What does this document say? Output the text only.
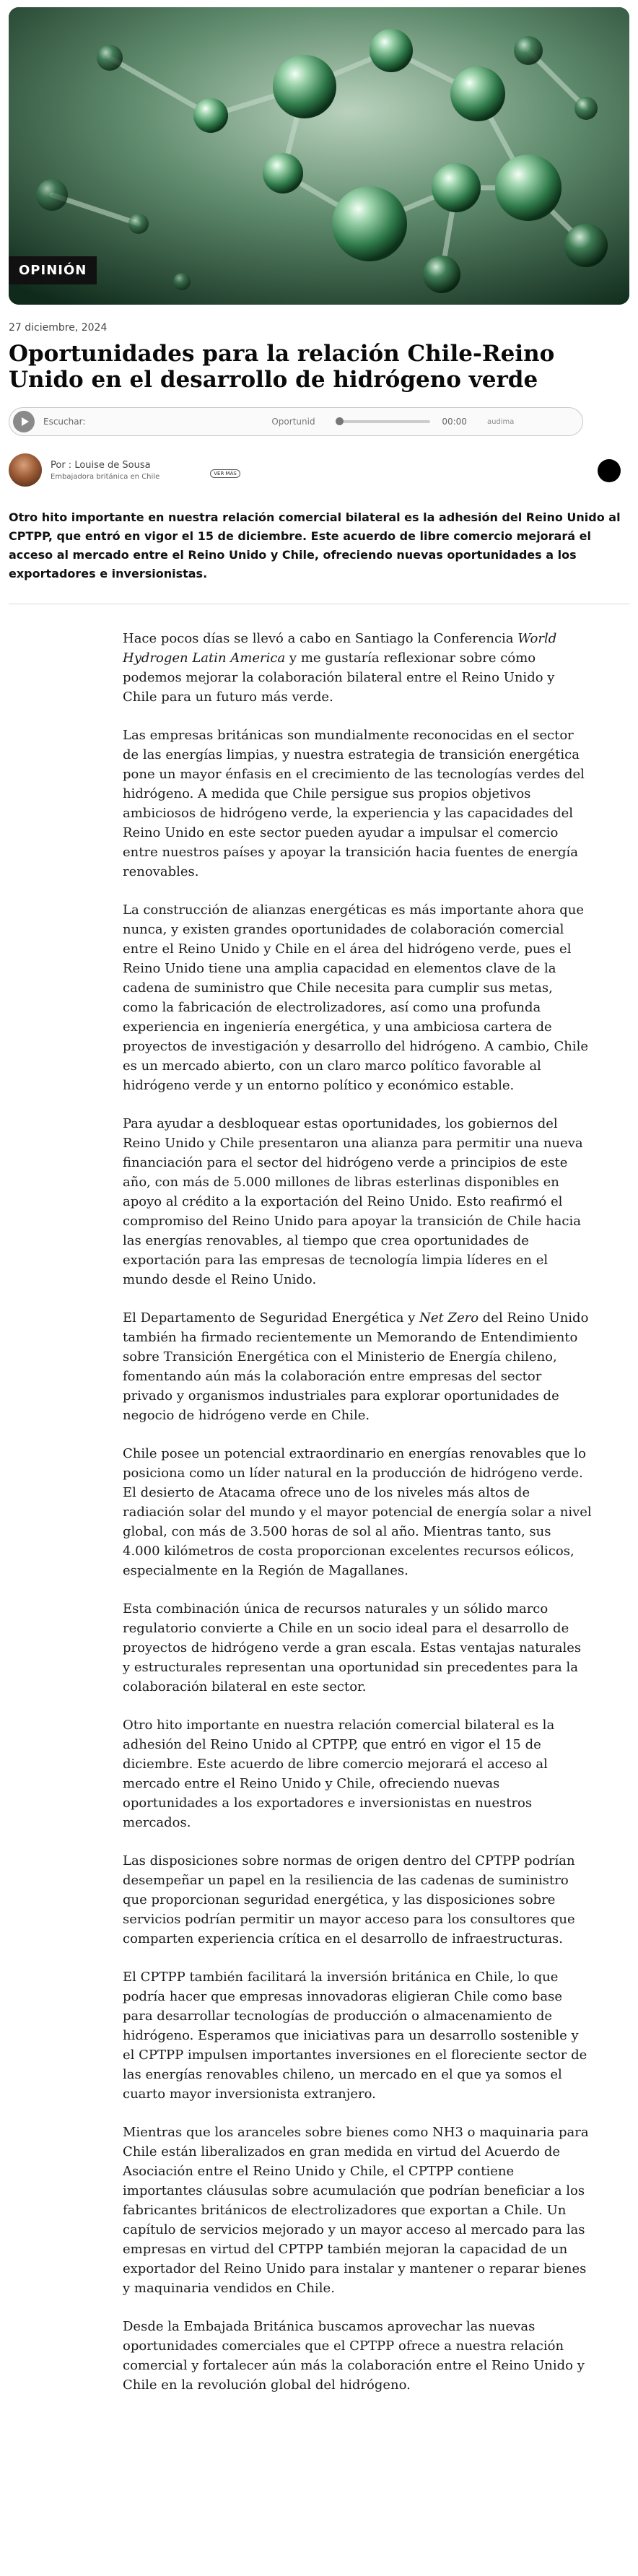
OPINIÓN
27 diciembre, 2024
Oportunidades para la relación Chile-Reino Unido en el desarrollo de hidrógeno verde
Escuchar:	Oportunid	00:00	audima
Por : Louise de Sousa
Embajadora británica en Chile	VER MÁS

Otro hito importante en nuestra relación comercial bilateral es la adhesión del Reino Unido al CPTPP, que entró en vigor el 15 de diciembre. Este acuerdo de libre comercio mejorará el acceso al mercado entre el Reino Unido y Chile, ofreciendo nuevas oportunidades a los exportadores e inversionistas.

Hace pocos días se llevó a cabo en Santiago la Conferencia World Hydrogen Latin America y me gustaría reflexionar sobre cómo podemos mejorar la colaboración bilateral entre el Reino Unido y Chile para un futuro más verde.

Las empresas británicas son mundialmente reconocidas en el sector de las energías limpias, y nuestra estrategia de transición energética pone un mayor énfasis en el crecimiento de las tecnologías verdes del hidrógeno. A medida que Chile persigue sus propios objetivos ambiciosos de hidrógeno verde, la experiencia y las capacidades del Reino Unido en este sector pueden ayudar a impulsar el comercio entre nuestros países y apoyar la transición hacia fuentes de energía renovables.

La construcción de alianzas energéticas es más importante ahora que nunca, y existen grandes oportunidades de colaboración comercial entre el Reino Unido y Chile en el área del hidrógeno verde, pues el Reino Unido tiene una amplia capacidad en elementos clave de la cadena de suministro que Chile necesita para cumplir sus metas, como la fabricación de electrolizadores, así como una profunda experiencia en ingeniería energética, y una ambiciosa cartera de proyectos de investigación y desarrollo del hidrógeno. A cambio, Chile es un mercado abierto, con un claro marco político favorable al hidrógeno verde y un entorno político y económico estable.

Para ayudar a desbloquear estas oportunidades, los gobiernos del Reino Unido y Chile presentaron una alianza para permitir una nueva financiación para el sector del hidrógeno verde a principios de este año, con más de 5.000 millones de libras esterlinas disponibles en apoyo al crédito a la exportación del Reino Unido. Esto reafirmó el compromiso del Reino Unido para apoyar la transición de Chile hacia las energías renovables, al tiempo que crea oportunidades de exportación para las empresas de tecnología limpia líderes en el mundo desde el Reino Unido.

El Departamento de Seguridad Energética y Net Zero del Reino Unido también ha firmado recientemente un Memorando de Entendimiento sobre Transición Energética con el Ministerio de Energía chileno, fomentando aún más la colaboración entre empresas del sector privado y organismos industriales para explorar oportunidades de negocio de hidrógeno verde en Chile.

Chile posee un potencial extraordinario en energías renovables que lo posiciona como un líder natural en la producción de hidrógeno verde. El desierto de Atacama ofrece uno de los niveles más altos de radiación solar del mundo y el mayor potencial de energía solar a nivel global, con más de 3.500 horas de sol al año. Mientras tanto, sus 4.000 kilómetros de costa proporcionan excelentes recursos eólicos, especialmente en la Región de Magallanes.

Esta combinación única de recursos naturales y un sólido marco regulatorio convierte a Chile en un socio ideal para el desarrollo de proyectos de hidrógeno verde a gran escala. Estas ventajas naturales y estructurales representan una oportunidad sin precedentes para la colaboración bilateral en este sector.

Otro hito importante en nuestra relación comercial bilateral es la adhesión del Reino Unido al CPTPP, que entró en vigor el 15 de diciembre. Este acuerdo de libre comercio mejorará el acceso al mercado entre el Reino Unido y Chile, ofreciendo nuevas oportunidades a los exportadores e inversionistas en nuestros mercados.

Las disposiciones sobre normas de origen dentro del CPTPP podrían desempeñar un papel en la resiliencia de las cadenas de suministro que proporcionan seguridad energética, y las disposiciones sobre servicios podrían permitir un mayor acceso para los consultores que comparten experiencia crítica en el desarrollo de infraestructuras.

El CPTPP también facilitará la inversión británica en Chile, lo que podría hacer que empresas innovadoras eligieran Chile como base para desarrollar tecnologías de producción o almacenamiento de hidrógeno. Esperamos que iniciativas para un desarrollo sostenible y el CPTPP impulsen importantes inversiones en el floreciente sector de las energías renovables chileno, un mercado en el que ya somos el cuarto mayor inversionista extranjero.

Mientras que los aranceles sobre bienes como NH3 o maquinaria para Chile están liberalizados en gran medida en virtud del Acuerdo de Asociación entre el Reino Unido y Chile, el CPTPP contiene importantes cláusulas sobre acumulación que podrían beneficiar a los fabricantes británicos de electrolizadores que exportan a Chile. Un capítulo de servicios mejorado y un mayor acceso al mercado para las empresas en virtud del CPTPP también mejoran la capacidad de un exportador del Reino Unido para instalar y mantener o reparar bienes y maquinaria vendidos en Chile.

Desde la Embajada Británica buscamos aprovechar las nuevas oportunidades comerciales que el CPTPP ofrece a nuestra relación comercial y fortalecer aún más la colaboración entre el Reino Unido y Chile en la revolución global del hidrógeno.
